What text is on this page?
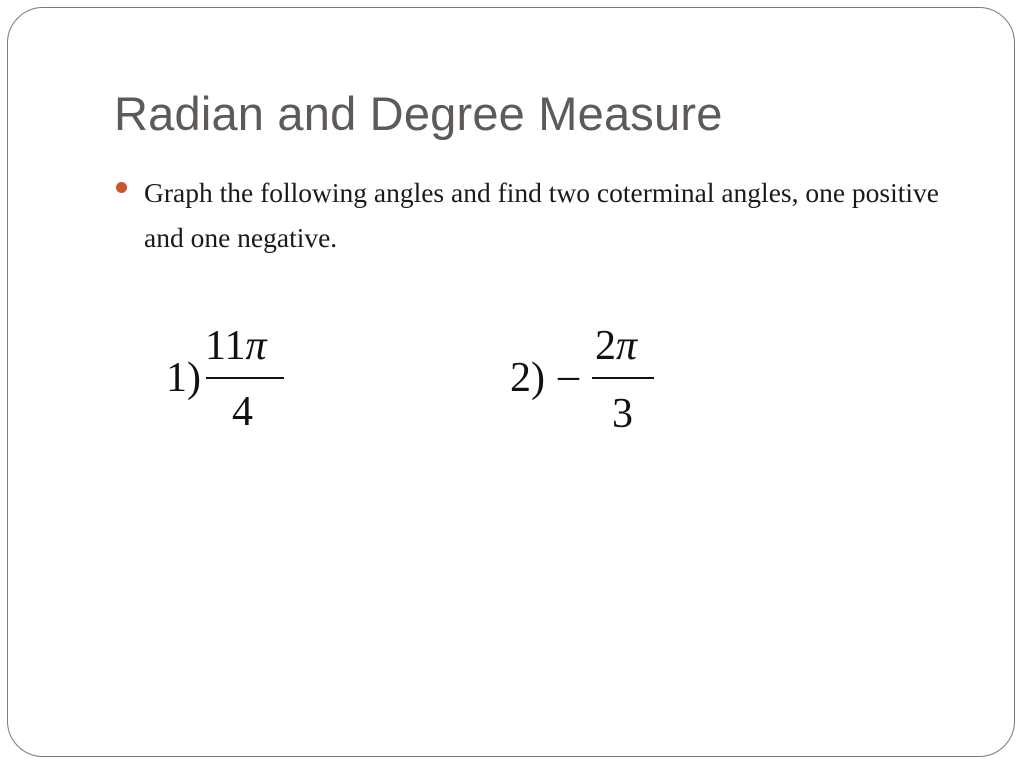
Radian and Degree Measure
Graph the following angles and find two coterminal angles, one positive and one negative.
1)
11π
4
2) –
2π
3
